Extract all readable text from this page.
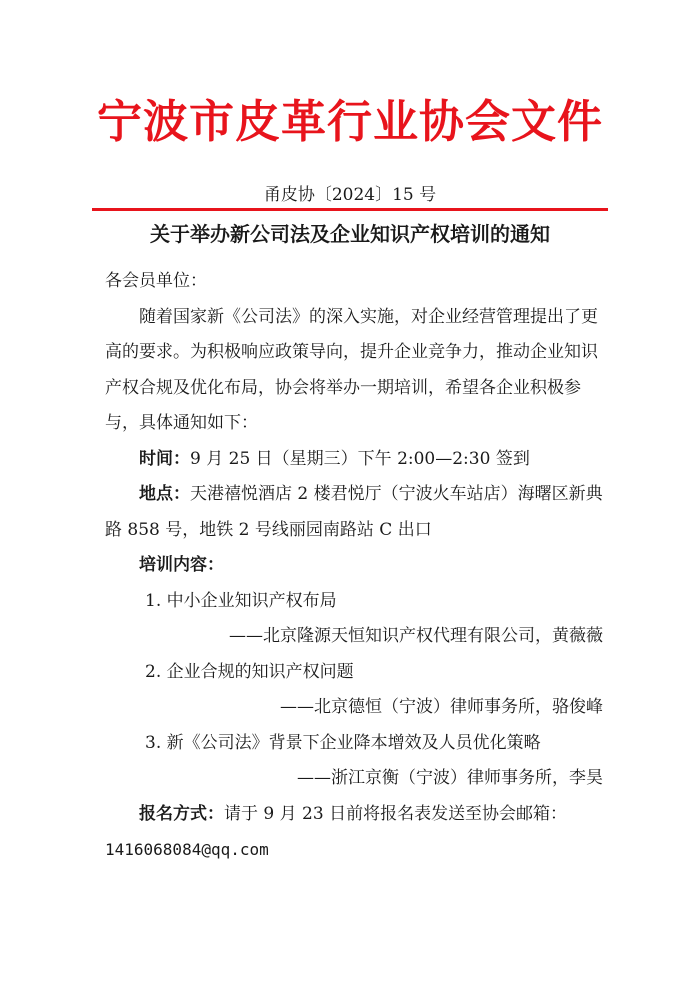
宁波市皮革行业协会文件
甬皮协〔2024〕15 号
关于举办新公司法及企业知识产权培训的通知

各会员单位：

随着国家新《公司法》的深入实施，对企业经营管理提出了更高的要求。为积极响应政策导向，提升企业竞争力，推动企业知识产权合规及优化布局，协会将举办一期培训，希望各企业积极参与，具体通知如下：

时间：9 月 25 日（星期三）下午 2:00—2:30 签到

地点：天港禧悦酒店 2 楼君悦厅（宁波火车站店）海曙区新典路 858 号，地铁 2 号线丽园南路站 C 出口

培训内容：

1. 中小企业知识产权布局

——北京隆源天恒知识产权代理有限公司，黄薇薇

2. 企业合规的知识产权问题

——北京德恒（宁波）律师事务所，骆俊峰

3. 新《公司法》背景下企业降本增效及人员优化策略

——浙江京衡（宁波）律师事务所，李昊

报名方式：请于 9 月 23 日前将报名表发送至协会邮箱：

1416068084@qq.com
